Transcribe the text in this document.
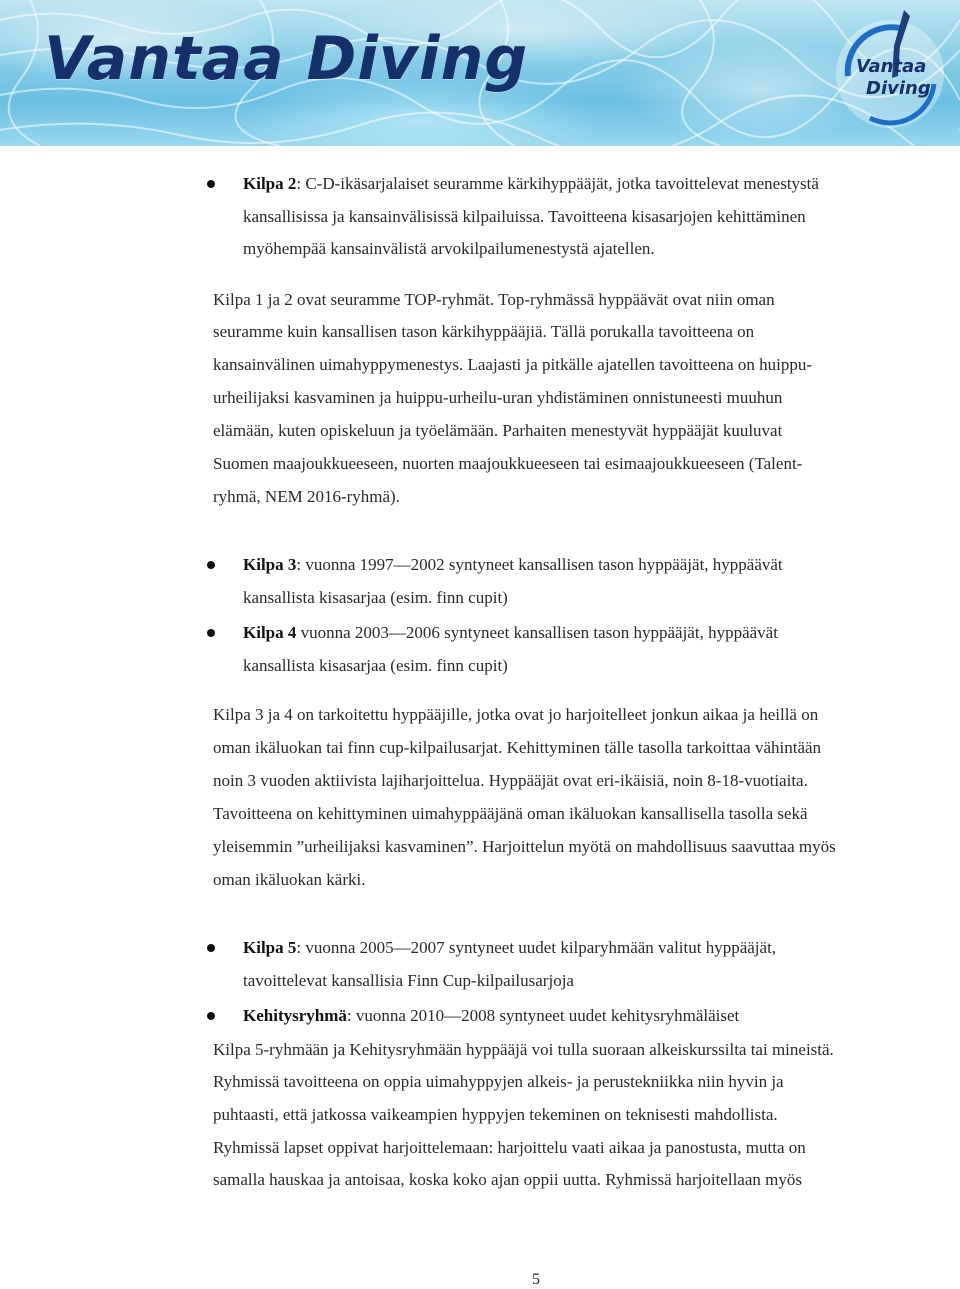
Vantaa Diving	Vantaa
Diving
Kilpa 2: C-D-ikäsarjalaiset seuramme kärkihyppääjät, jotka tavoittelevat menestystä
kansallisissa ja kansainvälisissä kilpailuissa. Tavoitteena kisasarjojen kehittäminen
myöhempää kansainvälistä arvokilpailumenestystä ajatellen.
Kilpa 1 ja 2 ovat seuramme TOP-ryhmät. Top-ryhmässä hyppäävät ovat niin oman
seuramme kuin kansallisen tason kärkihyppääjiä. Tällä porukalla tavoitteena on
kansainvälinen uimahyppymenestys. Laajasti ja pitkälle ajatellen tavoitteena on huippu-
urheilijaksi kasvaminen ja huippu-urheilu-uran yhdistäminen onnistuneesti muuhun
elämään, kuten opiskeluun ja työelämään. Parhaiten menestyvät hyppääjät kuuluvat
Suomen maajoukkueeseen, nuorten maajoukkueeseen tai esimaajoukkueeseen (Talent-
ryhmä, NEM 2016-ryhmä).
Kilpa 3: vuonna 1997—2002 syntyneet kansallisen tason hyppääjät, hyppäävät
kansallista kisasarjaa (esim. finn cupit)
Kilpa 4 vuonna 2003—2006 syntyneet kansallisen tason hyppääjät, hyppäävät
kansallista kisasarjaa (esim. finn cupit)
Kilpa 3 ja 4 on tarkoitettu hyppääjille, jotka ovat jo harjoitelleet jonkun aikaa ja heillä on
oman ikäluokan tai finn cup-kilpailusarjat. Kehittyminen tälle tasolla tarkoittaa vähintään
noin 3 vuoden aktiivista lajiharjoittelua. Hyppääjät ovat eri-ikäisiä, noin 8-18-vuotiaita.
Tavoitteena on kehittyminen uimahyppääjänä oman ikäluokan kansallisella tasolla sekä
yleisemmin ”urheilijaksi kasvaminen”. Harjoittelun myötä on mahdollisuus saavuttaa myös
oman ikäluokan kärki.
Kilpa 5: vuonna 2005—2007 syntyneet uudet kilparyhmään valitut hyppääjät,
tavoittelevat kansallisia Finn Cup-kilpailusarjoja
Kehitysryhmä: vuonna 2010—2008 syntyneet uudet kehitysryhmäläiset
Kilpa 5-ryhmään ja Kehitysryhmään hyppääjä voi tulla suoraan alkeiskurssilta tai mineistä.
Ryhmissä tavoitteena on oppia uimahyppyjen alkeis- ja perustekniikka niin hyvin ja
puhtaasti, että jatkossa vaikeampien hyppyjen tekeminen on teknisesti mahdollista.
Ryhmissä lapset oppivat harjoittelemaan: harjoittelu vaati aikaa ja panostusta, mutta on
samalla hauskaa ja antoisaa, koska koko ajan oppii uutta. Ryhmissä harjoitellaan myös
5
